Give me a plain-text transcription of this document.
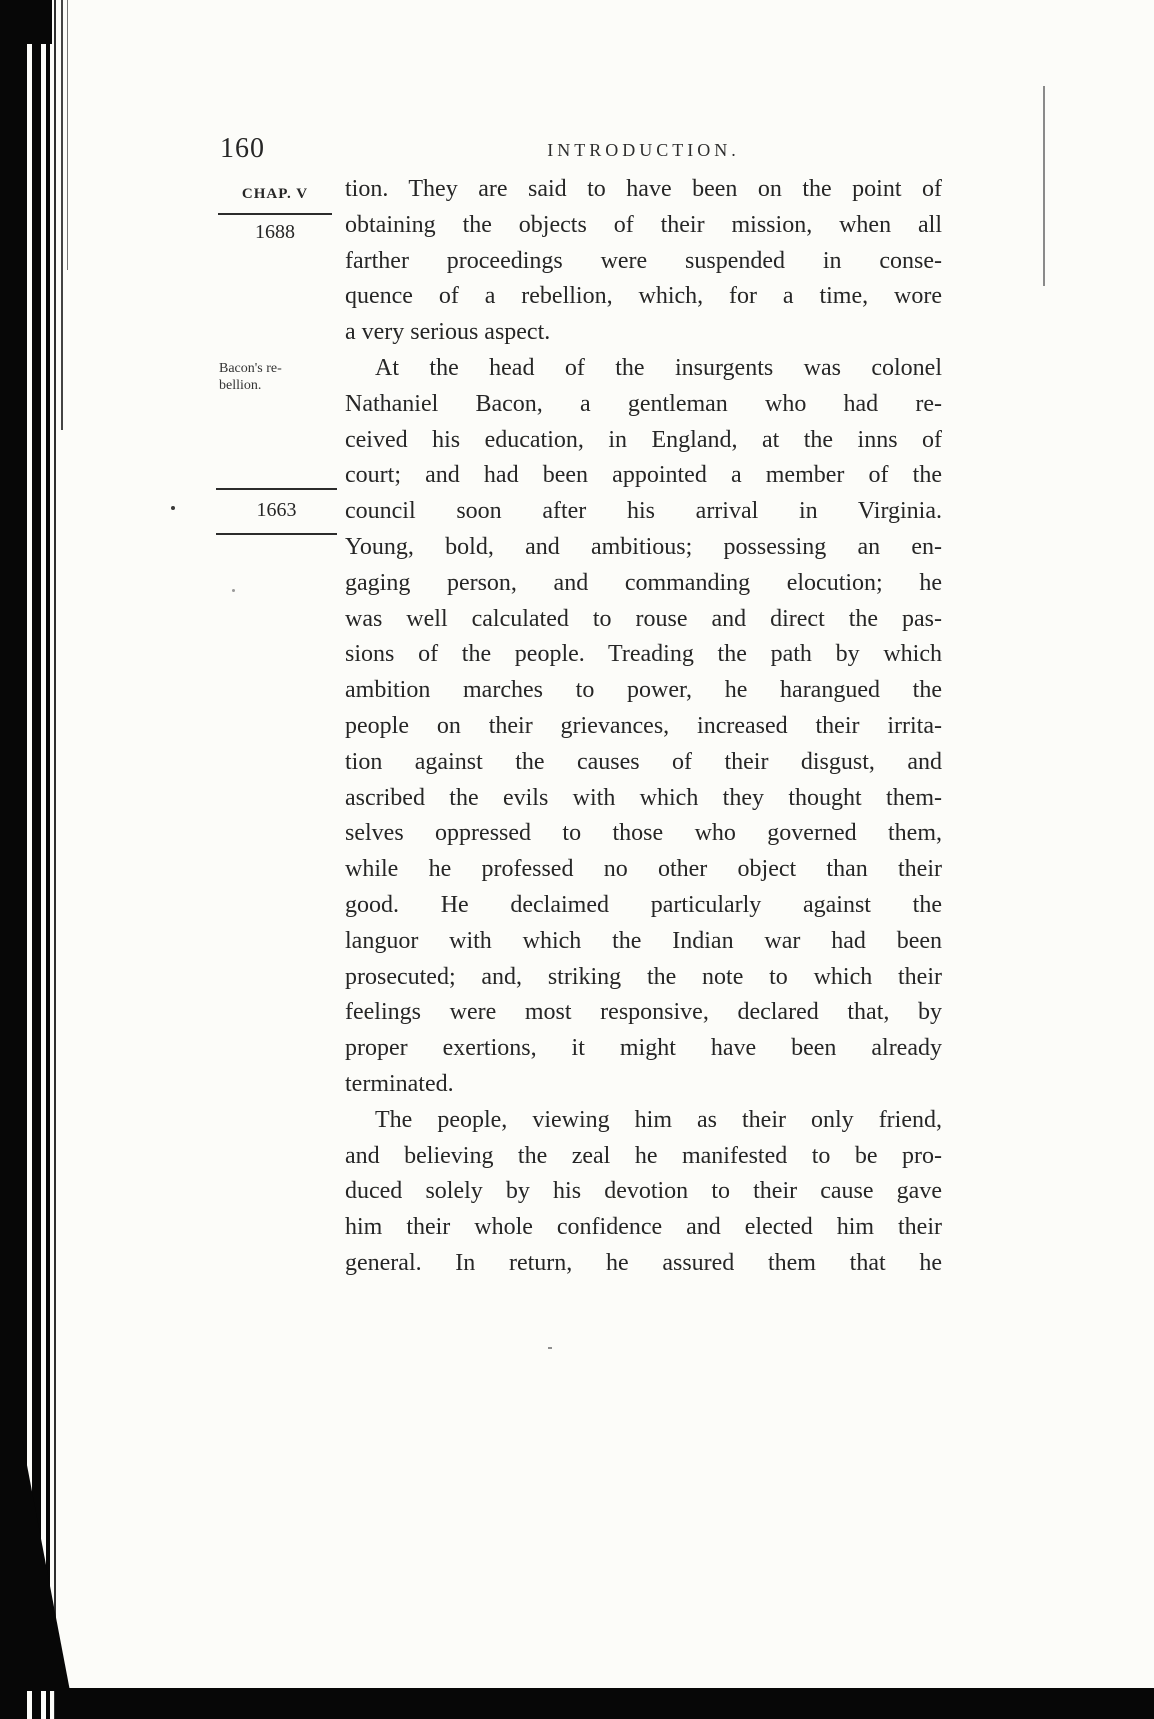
160	INTRODUCTION.
CHAP. V
1688
Bacon's re-
bellion.
1663
tion. They are said to have been on the point of
obtaining the objects of their mission, when all
farther proceedings were suspended in conse-
quence of a rebellion, which, for a time, wore
a very serious aspect.
At the head of the insurgents was colonel
Nathaniel Bacon, a gentleman who had re-
ceived his education, in England, at the inns of
court; and had been appointed a member of the
council soon after his arrival in Virginia.
Young, bold, and ambitious; possessing an en-
gaging person, and commanding elocution; he
was well calculated to rouse and direct the pas-
sions of the people. Treading the path by which
ambition marches to power, he harangued the
people on their grievances, increased their irrita-
tion against the causes of their disgust, and
ascribed the evils with which they thought them-
selves oppressed to those who governed them,
while he professed no other object than their
good. He declaimed particularly against the
languor with which the Indian war had been
prosecuted; and, striking the note to which their
feelings were most responsive, declared that, by
proper exertions, it might have been already
terminated.
The people, viewing him as their only friend,
and believing the zeal he manifested to be pro-
duced solely by his devotion to their cause gave
him their whole confidence and elected him their
general. In return, he assured them that he
